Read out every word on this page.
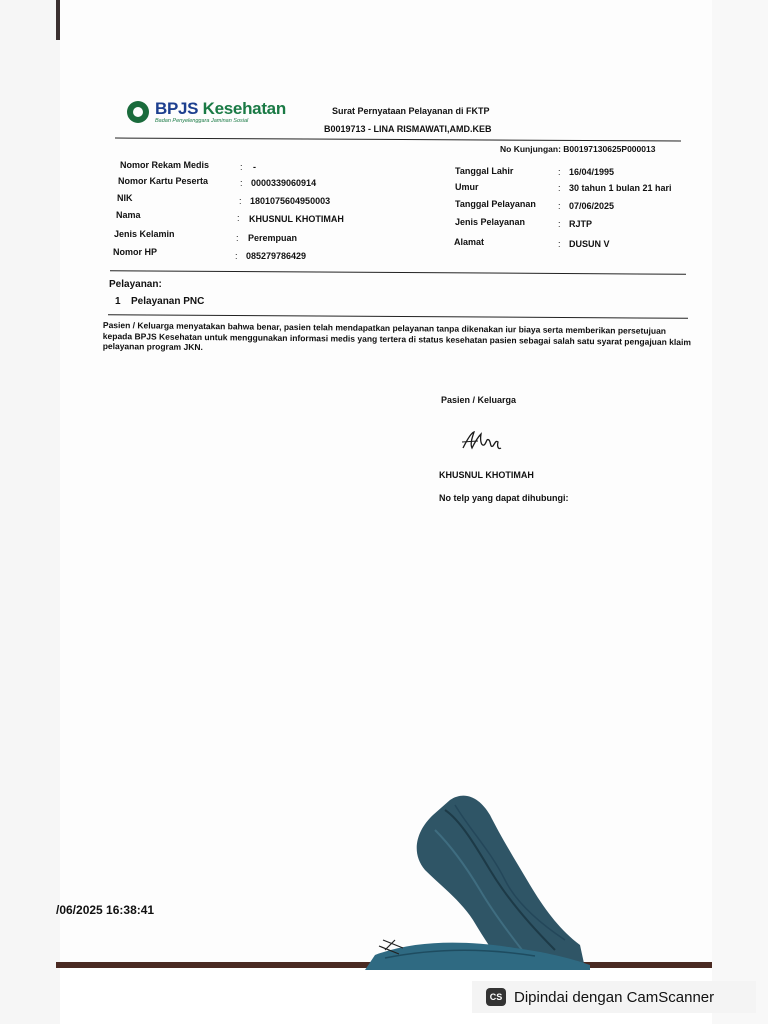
BPJS Kesehatan
Badan Penyelenggara Jaminan Sosial
Surat Pernyataan Pelayanan di FKTP
B0019713 - LINA RISMAWATI,AMD.KEB
No Kunjungan: B00197130625P000013
Nomor Rekam Medis	: -
Nomor Kartu Peserta	: 0000339060914
NIK	: 1801075604950003
Nama	: KHUSNUL KHOTIMAH
Jenis Kelamin	: Perempuan
Nomor HP	: 085279786429
Tanggal Lahir	: 16/04/1995
Umur	: 30 tahun 1 bulan 21 hari
Tanggal Pelayanan : 07/06/2025
Jenis Pelayanan	: RJTP
Alamat	: DUSUN V
Pelayanan:
1 Pelayanan PNC
Pasien / Keluarga menyatakan bahwa benar, pasien telah mendapatkan pelayanan tanpa dikenakan iur biaya serta memberikan persetujuan kepada BPJS Kesehatan untuk menggunakan informasi medis yang tertera di status kesehatan pasien sebagai salah satu syarat pengajuan klaim pelayanan program JKN.
Pasien / Keluarga
KHUSNUL KHOTIMAH
No telp yang dapat dihubungi:
/06/2025 16:38:41
CS Dipindai dengan CamScanner
